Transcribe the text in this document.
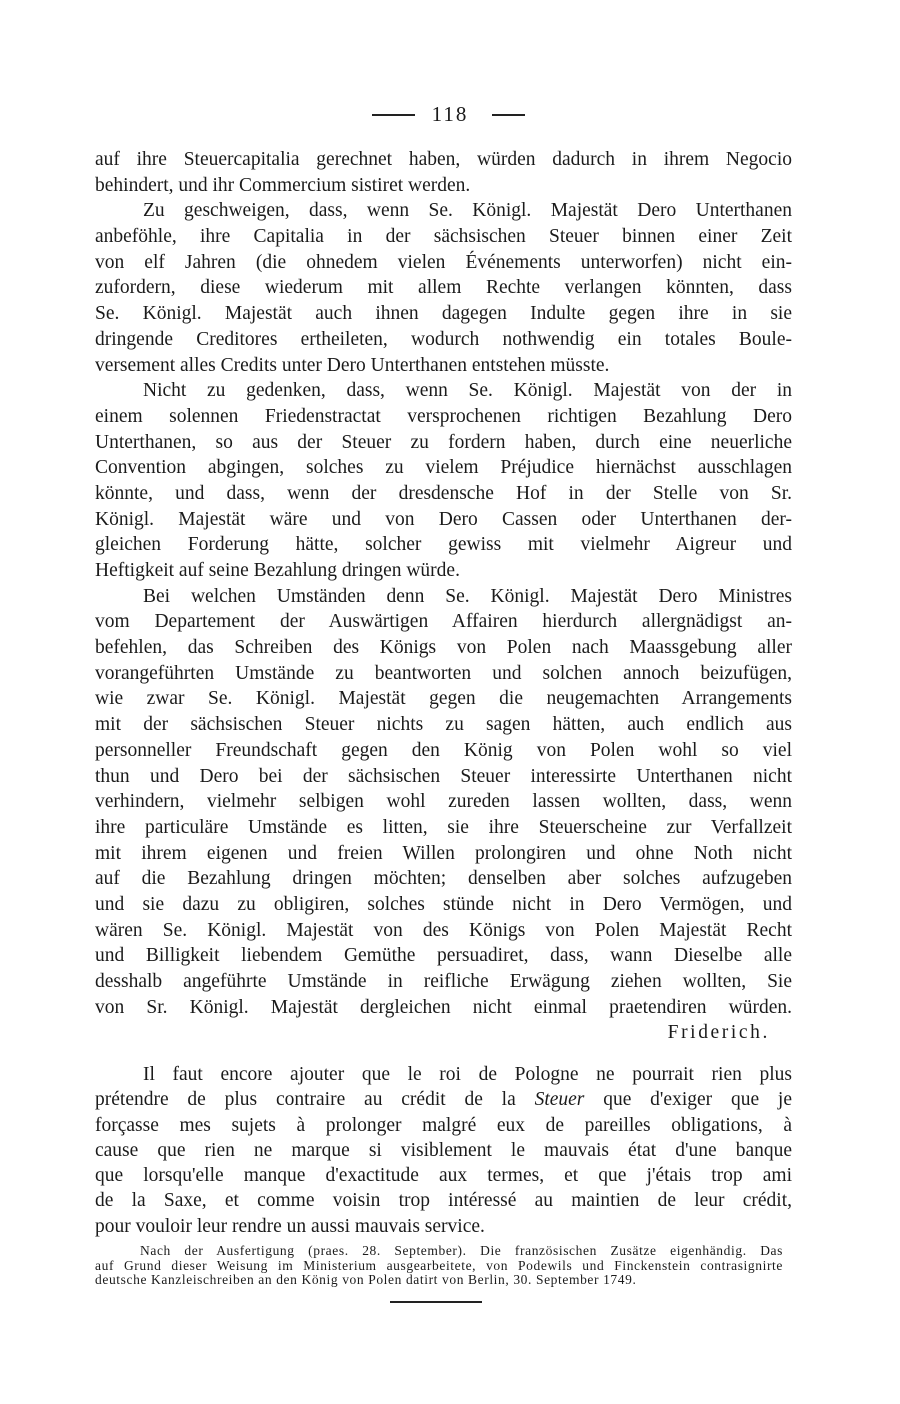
118
auf ihre Steuercapitalia gerechnet haben, würden dadurch in ihrem Negocio
behindert, und ihr Commercium sistiret werden.
Zu geschweigen, dass, wenn Se. Königl. Majestät Dero Unterthanen
anbeföhle, ihre Capitalia in der sächsischen Steuer binnen einer Zeit
von elf Jahren (die ohnedem vielen Événements unterworfen) nicht ein-
zufordern, diese wiederum mit allem Rechte verlangen könnten, dass
Se. Königl. Majestät auch ihnen dagegen Indulte gegen ihre in sie
dringende Creditores ertheileten, wodurch nothwendig ein totales Boule-
versement alles Credits unter Dero Unterthanen entstehen müsste.
Nicht zu gedenken, dass, wenn Se. Königl. Majestät von der in
einem solennen Friedenstractat versprochenen richtigen Bezahlung Dero
Unterthanen, so aus der Steuer zu fordern haben, durch eine neuerliche
Convention abgingen, solches zu vielem Préjudice hiernächst ausschlagen
könnte, und dass, wenn der dresdensche Hof in der Stelle von Sr.
Königl. Majestät wäre und von Dero Cassen oder Unterthanen der-
gleichen Forderung hätte, solcher gewiss mit vielmehr Aigreur und
Heftigkeit auf seine Bezahlung dringen würde.
Bei welchen Umständen denn Se. Königl. Majestät Dero Ministres
vom Departement der Auswärtigen Affairen hierdurch allergnädigst an-
befehlen, das Schreiben des Königs von Polen nach Maassgebung aller
vorangeführten Umstände zu beantworten und solchen annoch beizufügen,
wie zwar Se. Königl. Majestät gegen die neugemachten Arrangements
mit der sächsischen Steuer nichts zu sagen hätten, auch endlich aus
personneller Freundschaft gegen den König von Polen wohl so viel
thun und Dero bei der sächsischen Steuer interessirte Unterthanen nicht
verhindern, vielmehr selbigen wohl zureden lassen wollten, dass, wenn
ihre particuläre Umstände es litten, sie ihre Steuerscheine zur Verfallzeit
mit ihrem eigenen und freien Willen prolongiren und ohne Noth nicht
auf die Bezahlung dringen möchten; denselben aber solches aufzugeben
und sie dazu zu obligiren, solches stünde nicht in Dero Vermögen, und
wären Se. Königl. Majestät von des Königs von Polen Majestät Recht
und Billigkeit liebendem Gemüthe persuadiret, dass, wann Dieselbe alle
desshalb angeführte Umstände in reifliche Erwägung ziehen wollten, Sie
von Sr. Königl. Majestät dergleichen nicht einmal praetendiren würden.
Friderich.
Il faut encore ajouter que le roi de Pologne ne pourrait rien plus
prétendre de plus contraire au crédit de la Steuer que d'exiger que je
forçasse mes sujets à prolonger malgré eux de pareilles obligations, à
cause que rien ne marque si visiblement le mauvais état d'une banque
que lorsqu'elle manque d'exactitude aux termes, et que j'étais trop ami
de la Saxe, et comme voisin trop intéressé au maintien de leur crédit,
pour vouloir leur rendre un aussi mauvais service.
Nach der Ausfertigung (praes. 28. September). Die französischen Zusätze eigenhändig. Das
auf Grund dieser Weisung im Ministerium ausgearbeitete, von Podewils und Finckenstein contrasignirte
deutsche Kanzleischreiben an den König von Polen datirt von Berlin, 30. September 1749.
